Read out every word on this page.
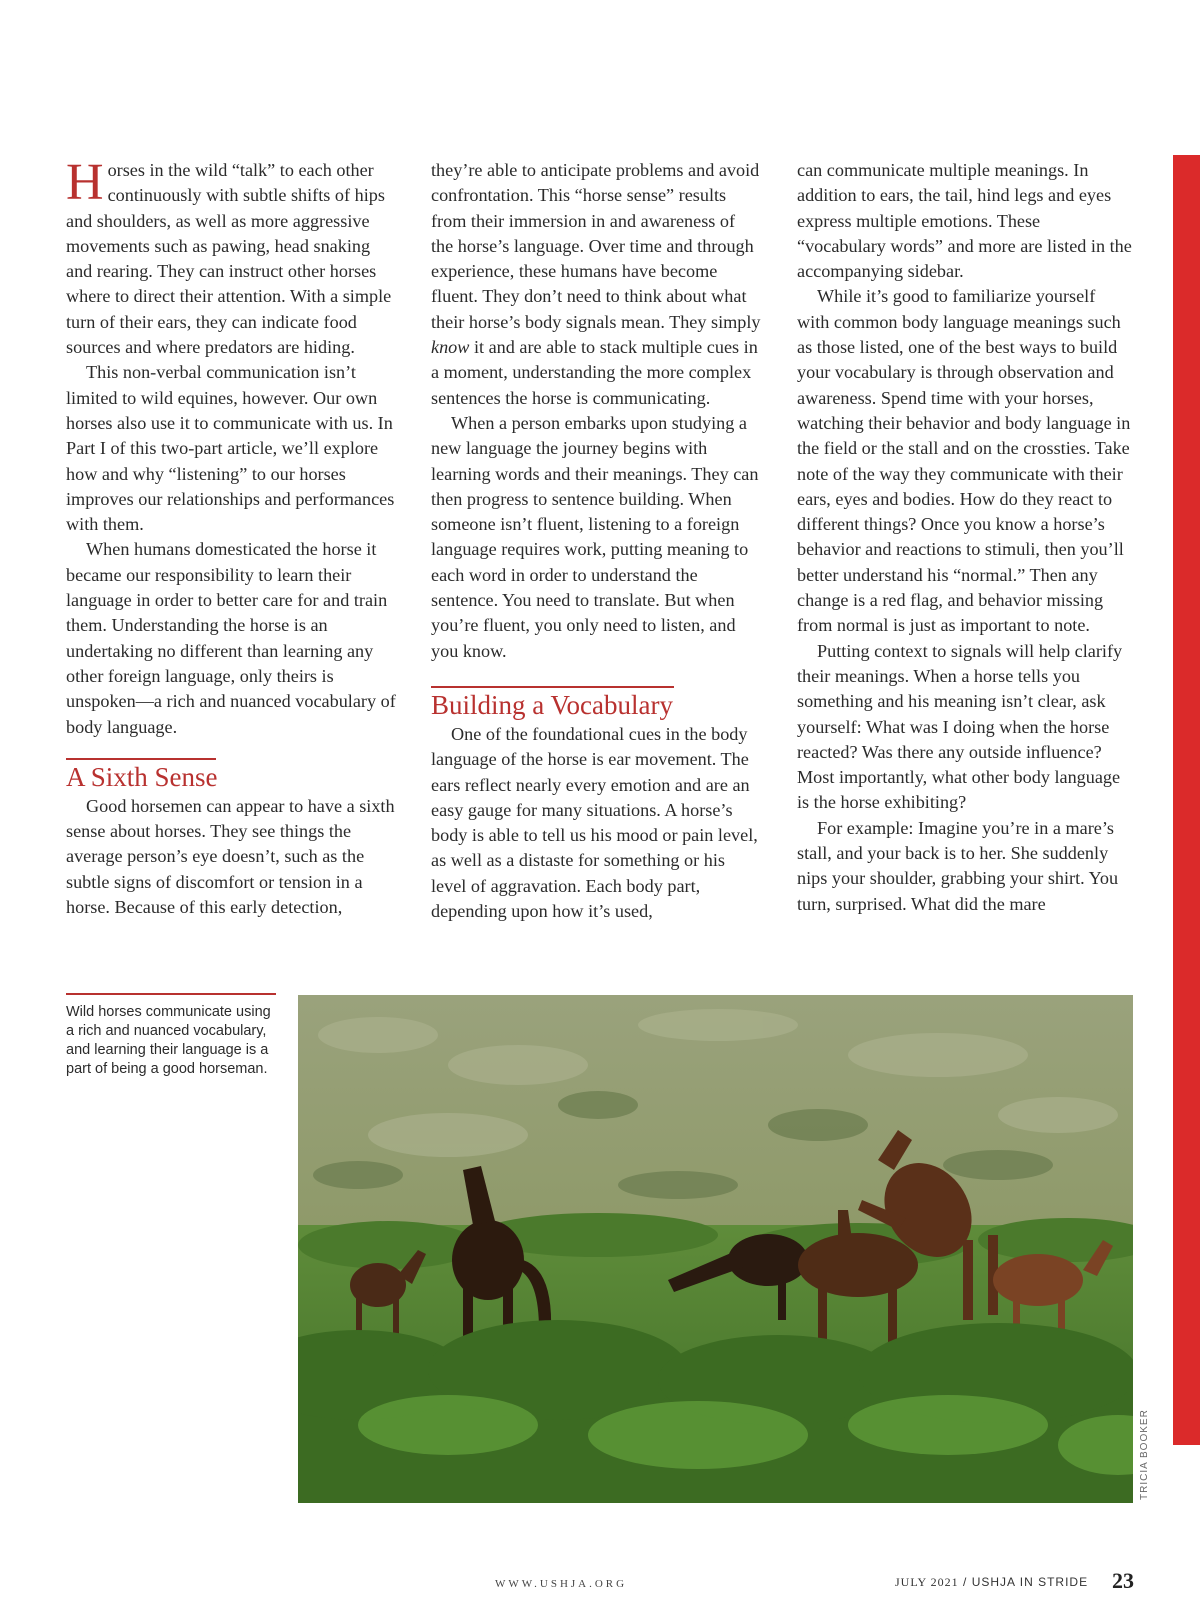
Horses in the wild “talk” to each other continuously with subtle shifts of hips and shoulders, as well as more aggressive movements such as pawing, head snaking and rearing. They can instruct other horses where to direct their attention. With a simple turn of their ears, they can indicate food sources and where predators are hiding.

This non-verbal communication isn’t limited to wild equines, however. Our own horses also use it to communicate with us. In Part I of this two-part article, we’ll explore how and why “listening” to our horses improves our relationships and performances with them.

When humans domesticated the horse it became our responsibility to learn their language in order to better care for and train them. Understanding the horse is an undertaking no different than learning any other foreign language, only theirs is unspoken—a rich and nuanced vocabulary of body language.

A Sixth Sense

Good horsemen can appear to have a sixth sense about horses. They see things the average person’s eye doesn’t, such as the subtle signs of discomfort or tension in a horse. Because of this early detection,

they’re able to anticipate problems and avoid confrontation. This “horse sense” results from their immersion in and awareness of the horse’s language. Over time and through experience, these humans have become fluent. They don’t need to think about what their horse’s body signals mean. They simply know it and are able to stack multiple cues in a moment, understanding the more complex sentences the horse is communicating.

When a person embarks upon studying a new language the journey begins with learning words and their meanings. They can then progress to sentence building. When someone isn’t fluent, listening to a foreign language requires work, putting meaning to each word in order to understand the sentence. You need to translate. But when you’re fluent, you only need to listen, and you know.

Building a Vocabulary

One of the foundational cues in the body language of the horse is ear movement. The ears reflect nearly every emotion and are an easy gauge for many situations. A horse’s body is able to tell us his mood or pain level, as well as a distaste for something or his level of aggravation. Each body part, depending upon how it’s used,

can communicate multiple meanings. In addition to ears, the tail, hind legs and eyes express multiple emotions. These “vocabulary words” and more are listed in the accompanying sidebar.

While it’s good to familiarize yourself with common body language meanings such as those listed, one of the best ways to build your vocabulary is through observation and awareness. Spend time with your horses, watching their behavior and body language in the field or the stall and on the crossties. Take note of the way they communicate with their ears, eyes and bodies. How do they react to different things? Once you know a horse’s behavior and reactions to stimuli, then you’ll better understand his “normal.” Then any change is a red flag, and behavior missing from normal is just as important to note.

Putting context to signals will help clarify their meanings. When a horse tells you something and his meaning isn’t clear, ask yourself: What was I doing when the horse reacted? Was there any outside influence? Most importantly, what other body language is the horse exhibiting?

For example: Imagine you’re in a mare’s stall, and your back is to her. She suddenly nips your shoulder, grabbing your shirt. You turn, surprised. What did the mare

Wild horses communicate using a rich and nuanced vocabulary, and learning their language is a part of being a good horseman.

TRICIA BOOKER
WWW.USHJA.ORG	JULY 2021 / USHJA IN STRIDE 23
